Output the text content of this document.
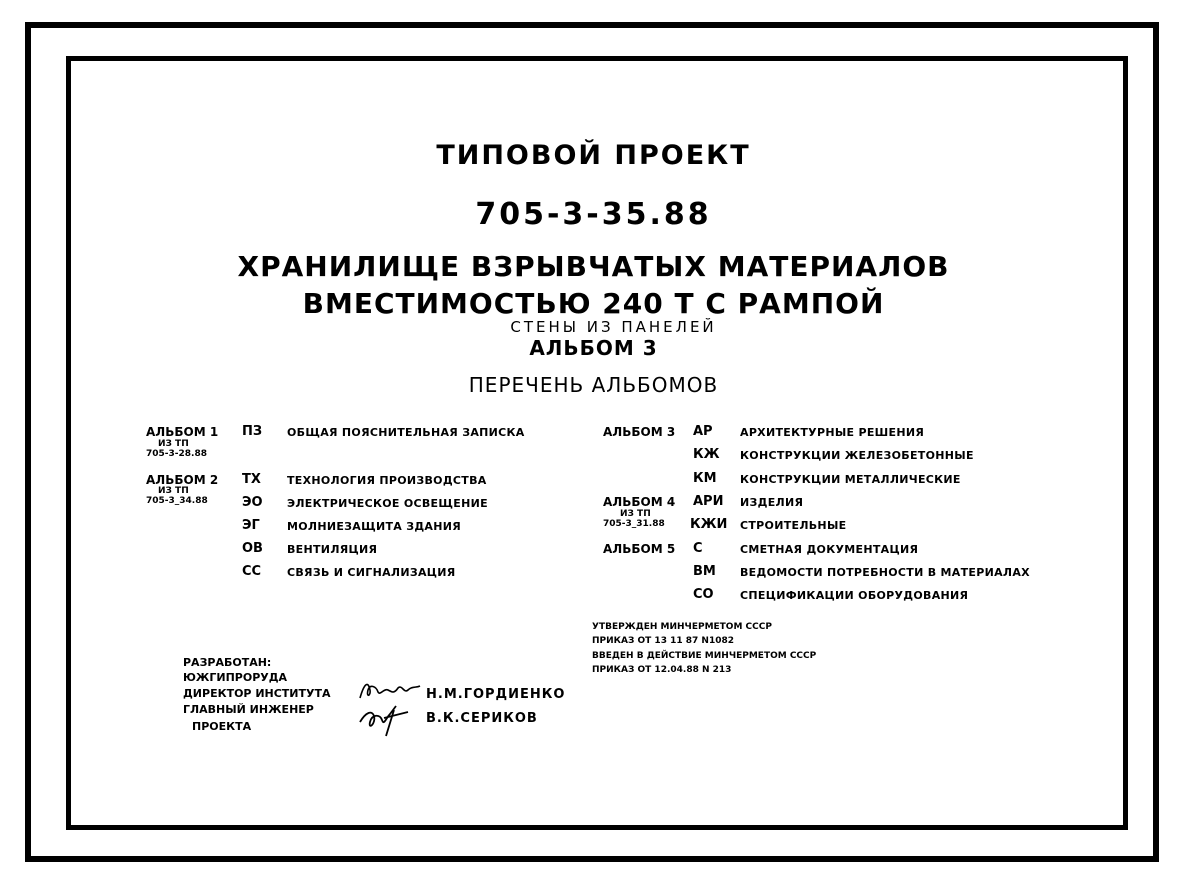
ТИПОВОЙ ПРОЕКТ
705-3-35.88
ХРАНИЛИЩЕ ВЗРЫВЧАТЫХ МАТЕРИАЛОВ
ВМЕСТИМОСТЬЮ 240 Т С РАМПОЙ
СТЕНЫ ИЗ ПАНЕЛЕЙ
АЛЬБОМ 3
ПЕРЕЧЕНЬ АЛЬБОМОВ
АЛЬБОМ 1
ИЗ ТП
705-3-28.88
ПЗ ОБЩАЯ ПОЯСНИТЕЛЬНАЯ ЗАПИСКА
АЛЬБОМ 2
ИЗ ТП
705-3_34.88
ТХ ТЕХНОЛОГИЯ ПРОИЗВОДСТВА
ЭО ЭЛЕКТРИЧЕСКОЕ ОСВЕЩЕНИЕ
ЭГ МОЛНИЕЗАЩИТА ЗДАНИЯ
ОВ ВЕНТИЛЯЦИЯ
СС СВЯЗЬ И СИГНАЛИЗАЦИЯ
АЛЬБОМ 3 АР АРХИТЕКТУРНЫЕ РЕШЕНИЯ
КЖ КОНСТРУКЦИИ ЖЕЛЕЗОБЕТОННЫЕ
КМ КОНСТРУКЦИИ МЕТАЛЛИЧЕСКИЕ
АЛЬБОМ 4
ИЗ ТП
705-3_31.88
АРИ ИЗДЕЛИЯ
КЖИ СТРОИТЕЛЬНЫЕ
АЛЬБОМ 5 С	СМЕТНАЯ ДОКУМЕНТАЦИЯ
ВМ ВЕДОМОСТИ ПОТРЕБНОСТИ В МАТЕРИАЛАХ
СО СПЕЦИФИКАЦИИ ОБОРУДОВАНИЯ
УТВЕРЖДЕН МИНЧЕРМЕТОМ СССР
ПРИКАЗ ОТ 13 11 87 N1082
ВВЕДЕН В ДЕЙСТВИЕ МИНЧЕРМЕТОМ СССР
ПРИКАЗ ОТ 12.04.88 N 213
РАЗРАБОТАН:
ЮЖГИПРОРУДА
ДИРЕКТОР ИНСТИТУТА
ГЛАВНЫЙ ИНЖЕНЕР
ПРОЕКТА
Н.М.ГОРДИЕНКО
В.К.СЕРИКОВ
